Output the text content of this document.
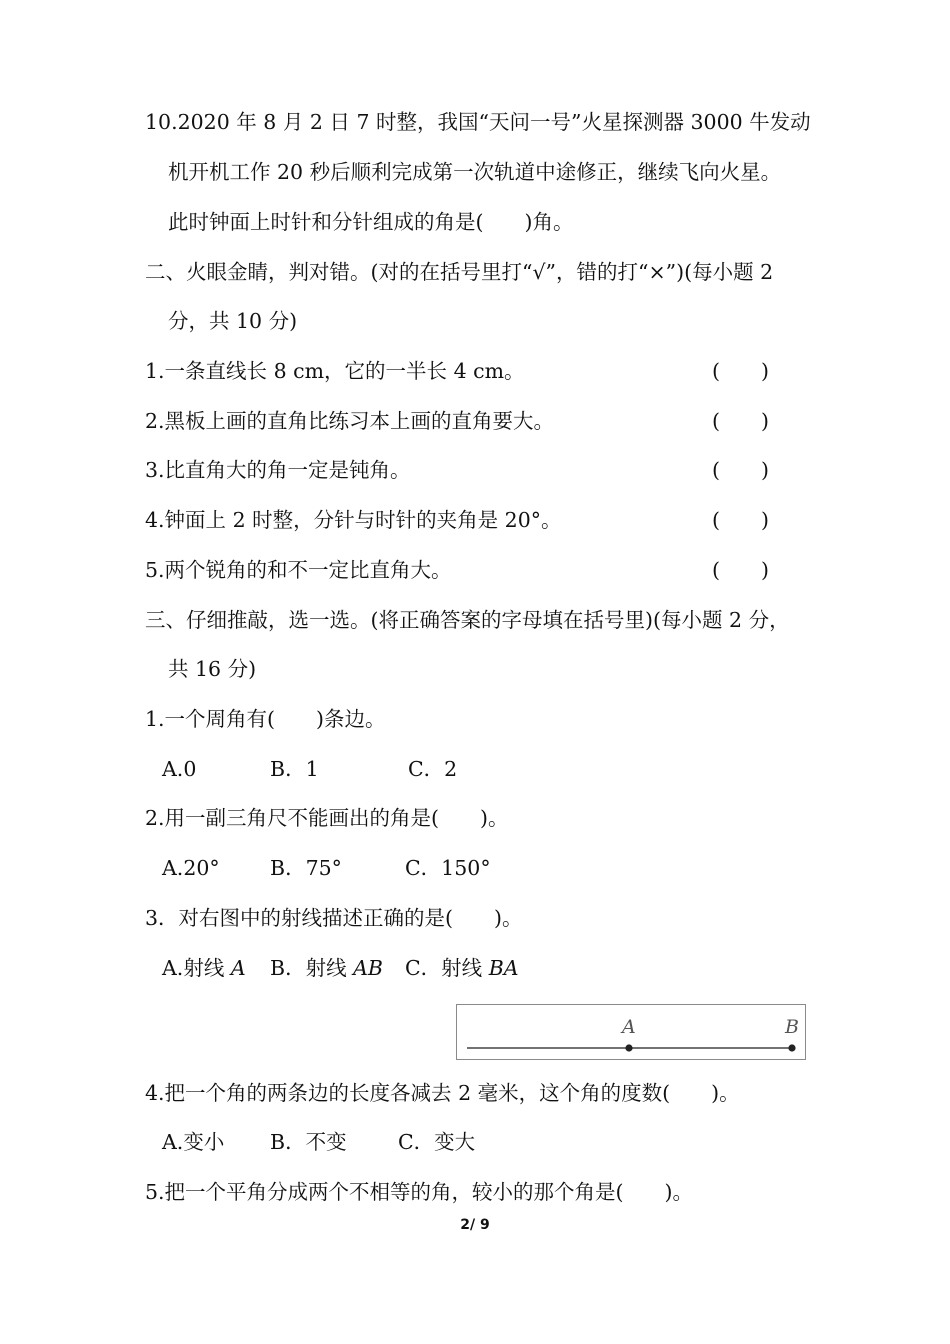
10.2020 年 8 月 2 日 7 时整，我国“天问一号”火星探测器 3000 牛发动
机开机工作 20 秒后顺利完成第一次轨道中途修正，继续飞向火星。
此时钟面上时针和分针组成的角是(　　)角。
二、火眼金睛，判对错。(对的在括号里打“√”，错的打“×”)(每小题 2
分，共 10 分)
1.一条直线长 8 cm，它的一半长 4 cm。	(　　)
2.黑板上画的直角比练习本上画的直角要大。	(　　)
3.比直角大的角一定是钝角。	(　　)
4.钟面上 2 时整，分针与时针的夹角是 20°。	(　　)
5.两个锐角的和不一定比直角大。	(　　)
三、仔细推敲，选一选。(将正确答案的字母填在括号里)(每小题 2 分，
共 16 分)
1.一个周角有(　　)条边。
A.0	B．1	C．2
2.用一副三角尺不能画出的角是(　　)。
A.20° B．75°	C．150°
3．对右图中的射线描述正确的是(　　)。
A.射线 A B．射线 AB C．射线 BA
A	B
4.把一个角的两条边的长度各减去 2 毫米，这个角的度数(　　)。
A.变小 B．不变	C．变大
5.把一个平角分成两个不相等的角，较小的那个角是(　　)。
2/ 9
